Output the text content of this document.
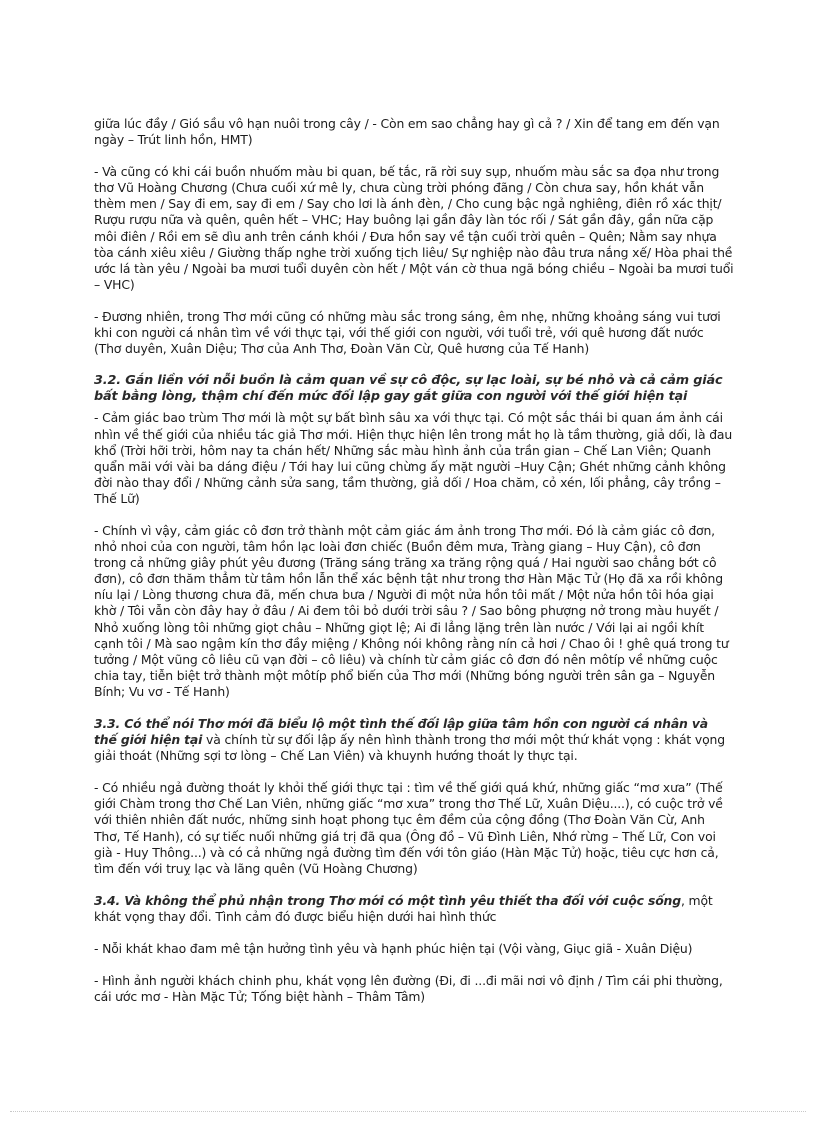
giữa lúc đầy / Gió sầu vô hạn nuôi trong cây / - Còn em sao chẳng hay gì cả ? / Xin để tang em đến vạn ngày – Trút linh hồn, HMT)

- Và cũng có khi cái buồn nhuốm màu bi quan, bế tắc, rã rời suy sụp, nhuốm màu sắc sa đọa như trong thơ Vũ Hoàng Chương (Chưa cuối xứ mê ly, chưa cùng trời phóng đãng / Còn chưa say, hồn khát vẫn thèm men / Say đi em, say đi em / Say cho lơi là ánh đèn, / Cho cung bậc ngả nghiêng, điên rồ xác thịt/ Rượu rượu nữa và quên, quên hết – VHC; Hay buông lại gần đây làn tóc rối / Sát gần đây, gần nữa cặp môi điên / Rồi em sẽ dìu anh trên cánh khói / Đưa hồn say về tận cuối trời quên – Quên; Nằm say nhựa tòa cánh xiêu xiêu / Giường thấp nghe trời xuống tịch liêu/ Sự nghiệp nào đâu trưa nắng xế/ Hòa phai thề ước lá tàn yêu / Ngoài ba mươi tuổi duyên còn hết / Một ván cờ thua ngã bóng chiều – Ngoài ba mươi tuổi – VHC)

- Đương nhiên, trong Thơ mới cũng có những màu sắc trong sáng, êm nhẹ, những khoảng sáng vui tươi khi con người cá nhân tìm về với thực tại, với thế giới con người, với tuổi trẻ, với quê hương đất nước (Thơ duyên, Xuân Diệu; Thơ của Anh Thơ, Đoàn Văn Cừ, Quê hương của Tế Hanh)

3.2. Gắn liền với nỗi buồn là cảm quan về sự cô độc, sự lạc loài, sự bé nhỏ và cả cảm giác bất bằng lòng, thậm chí đến mức đối lập gay gắt giữa con người với thế giới hiện tại

- Cảm giác bao trùm Thơ mới là một sự bất bình sâu xa với thực tại. Có một sắc thái bi quan ám ảnh cái nhìn về thế giới của nhiều tác giả Thơ mới. Hiện thực hiện lên trong mắt họ là tầm thường, giả dối, là đau khổ (Trời hỡi trời, hôm nay ta chán hết/ Những sắc màu hình ảnh của trần gian – Chế Lan Viên; Quanh quẩn mãi với vài ba dáng điệu / Tới hay lui cũng chừng ấy mặt người –Huy Cận; Ghét những cảnh không đời nào thay đổi / Những cảnh sửa sang, tầm thường, giả dối / Hoa chăm, cỏ xén, lối phẳng, cây trồng – Thế Lữ)

- Chính vì vậy, cảm giác cô đơn trở thành một cảm giác ám ảnh trong Thơ mới. Đó là cảm giác cô đơn, nhỏ nhoi của con người, tâm hồn lạc loài đơn chiếc (Buồn đêm mưa, Tràng giang – Huy Cận), cô đơn trong cả những giây phút yêu đương (Trăng sáng trăng xa trăng rộng quá / Hai người sao chẳng bớt cô đơn), cô đơn thăm thẳm từ tâm hồn lẫn thể xác bệnh tật như trong thơ Hàn Mặc Tử (Họ đã xa rồi không níu lại / Lòng thương chưa đã, mến chưa bưa / Người đi một nửa hồn tôi mất / Một nửa hồn tôi hóa giại khờ / Tôi vẫn còn đây hay ở đâu / Ai đem tôi bỏ dưới trời sâu ? / Sao bông phượng nở trong màu huyết / Nhỏ xuống lòng tôi những giọt châu – Những giọt lệ; Ai đi lẳng lặng trên làn nước / Với lại ai ngồi khít cạnh tôi / Mà sao ngậm kín thơ đầy miệng / Không nói không rằng nín cả hơi / Chao ôi ! ghê quá trong tư tưởng / Một vũng cô liêu cũ vạn đời – cô liêu) và chính từ cảm giác cô đơn đó nên môtíp về những cuộc chia tay, tiễn biệt trở thành một môtíp phổ biến của Thơ mới (Những bóng người trên sân ga – Nguyễn Bính; Vu vơ - Tế Hanh)

3.3. Có thể nói Thơ mới đã biểu lộ một tình thế đối lập giữa tâm hồn con người cá nhân và thế giới hiện tại và chính từ sự đối lập ấy nên hình thành trong thơ mới một thứ khát vọng : khát vọng giải thoát (Những sợi tơ lòng – Chế Lan Viên) và khuynh hướng thoát ly thực tại.

- Có nhiều ngả đường thoát ly khỏi thế giới thực tại : tìm về thế giới quá khứ, những giấc “mơ xưa” (Thế giới Chàm trong thơ Chế Lan Viên, những giấc “mơ xưa” trong thơ Thế Lữ, Xuân Diệu....), có cuộc trở về với thiên nhiên đất nước, những sinh hoạt phong tục êm đềm của cộng đồng (Thơ Đoàn Văn Cừ, Anh Thơ, Tế Hanh), có sự tiếc nuối những giá trị đã qua (Ông đồ – Vũ Đình Liên, Nhớ rừng – Thế Lữ, Con voi già - Huy Thông...) và có cả những ngả đường tìm đến với tôn giáo (Hàn Mặc Tử) hoặc, tiêu cực hơn cả, tìm đến với truỵ lạc và lãng quên (Vũ Hoàng Chương)

3.4. Và không thể phủ nhận trong Thơ mới có một tình yêu thiết tha đối với cuộc sống, một khát vọng thay đổi. Tình cảm đó được biểu hiện dưới hai hình thức

- Nỗi khát khao đam mê tận hưởng tình yêu và hạnh phúc hiện tại (Vội vàng, Giục giã - Xuân Diệu)

- Hình ảnh người khách chinh phu, khát vọng lên đường (Đi, đi ...đi mãi nơi vô định / Tìm cái phi thường, cái ước mơ - Hàn Mặc Tử; Tống biệt hành – Thâm Tâm)
